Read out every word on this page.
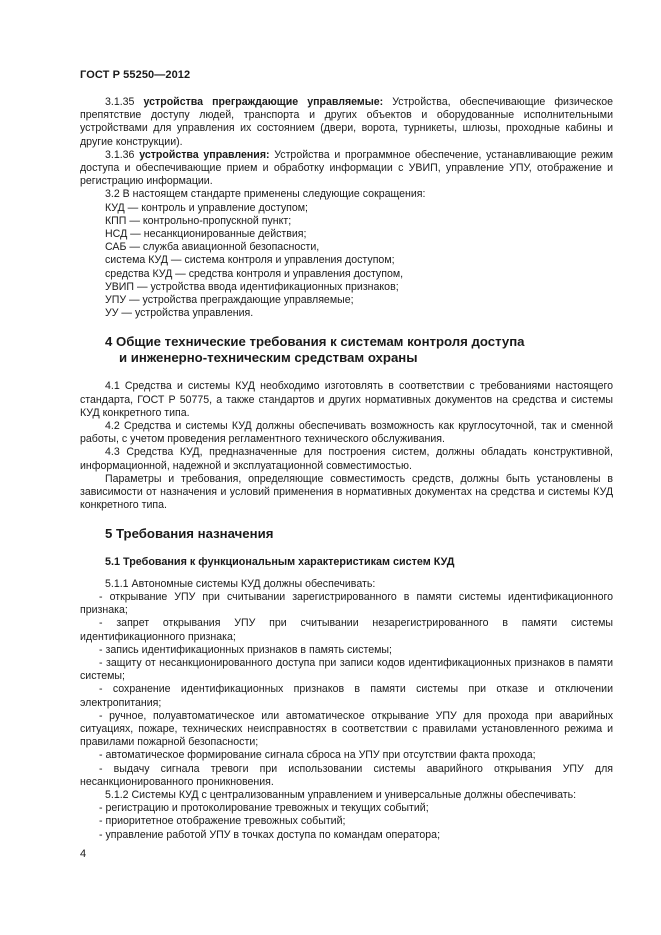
ГОСТ Р 55250—2012

3.1.35 устройства преграждающие управляемые: Устройства, обеспечивающие физическое препятствие доступу людей, транспорта и других объектов и оборудованные исполнительными устройствами для управления их состоянием (двери, ворота, турникеты, шлюзы, проходные кабины и другие конструкции).

3.1.36 устройства управления: Устройства и программное обеспечение, устанавливающие режим доступа и обеспечивающие прием и обработку информации с УВИП, управление УПУ, отображение и регистрацию информации.

3.2 В настоящем стандарте применены следующие сокращения:

КУД — контроль и управление доступом;

КПП — контрольно-пропускной пункт;

НСД — несанкционированные действия;

САБ — служба авиационной безопасности,

система КУД — система контроля и управления доступом;

средства КУД — средства контроля и управления доступом,

УВИП — устройства ввода идентификационных признаков;

УПУ — устройства преграждающие управляемые;

УУ — устройства управления.

4 Общие технические требования к системам контроля доступа
и инженерно-техническим средствам охраны

4.1 Средства и системы КУД необходимо изготовлять в соответствии с требованиями настоящего стандарта, ГОСТ Р 50775, а также стандартов и других нормативных документов на средства и системы КУД конкретного типа.

4.2 Средства и системы КУД должны обеспечивать возможность как круглосуточной, так и сменной работы, с учетом проведения регламентного технического обслуживания.

4.3 Средства КУД, предназначенные для построения систем, должны обладать конструктивной, информационной, надежной и эксплуатационной совместимостью.

Параметры и требования, определяющие совместимость средств, должны быть установлены в зависимости от назначения и условий применения в нормативных документах на средства и системы КУД конкретного типа.

5 Требования назначения
5.1 Требования к функциональным характеристикам систем КУД

5.1.1 Автономные системы КУД должны обеспечивать:

- открывание УПУ при считывании зарегистрированного в памяти системы идентификационного признака;

- запрет открывания УПУ при считывании незарегистрированного в памяти системы идентификационного признака;

- запись идентификационных признаков в память системы;

- защиту от несанкционированного доступа при записи кодов идентификационных признаков в памяти системы;

- сохранение идентификационных признаков в памяти системы при отказе и отключении электропитания;

- ручное, полуавтоматическое или автоматическое открывание УПУ для прохода при аварийных ситуациях, пожаре, технических неисправностях в соответствии с правилами установленного режима и правилами пожарной безопасности;

- автоматическое формирование сигнала сброса на УПУ при отсутствии факта прохода;

- выдачу сигнала тревоги при использовании системы аварийного открывания УПУ для несанкционированного проникновения.

5.1.2 Системы КУД с централизованным управлением и универсальные должны обеспечивать:

- регистрацию и протоколирование тревожных и текущих событий;

- приоритетное отображение тревожных событий;

- управление работой УПУ в точках доступа по командам оператора;

4
